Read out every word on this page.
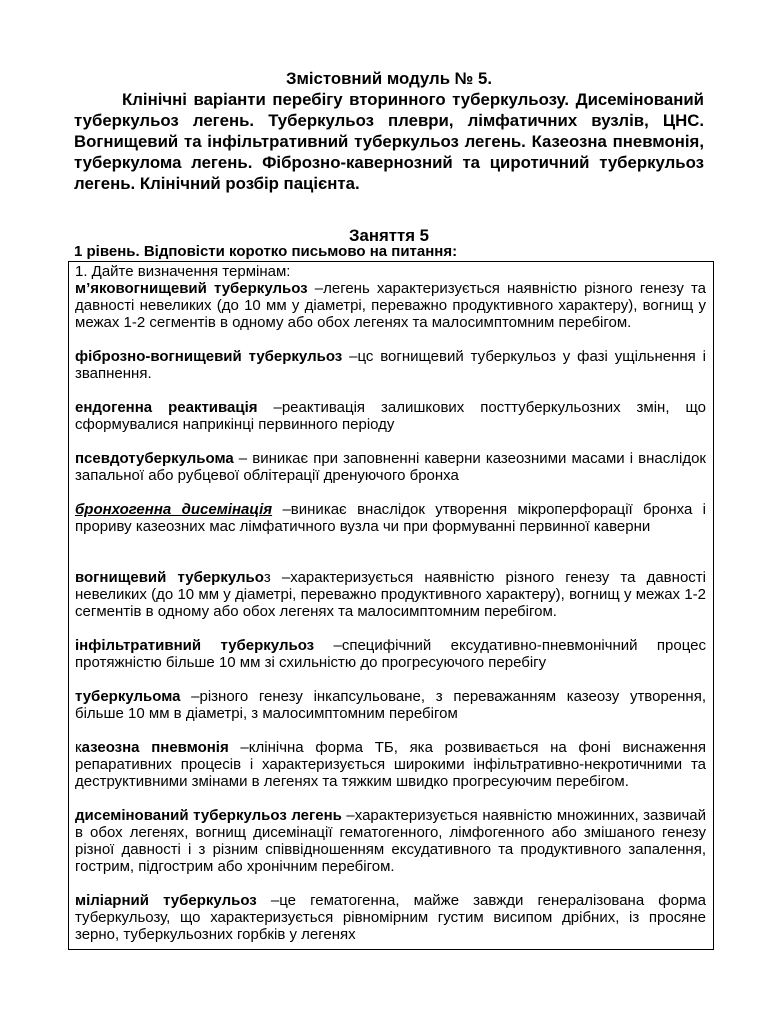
Змістовний модуль № 5.
Клінічні варіанти перебігу вторинного туберкульозу. Дисемінований туберкульоз легень. Туберкульоз плеври, лімфатичних вузлів, ЦНС. Вогнищевий та інфільтративний туберкульоз легень. Казеозна пневмонія, туберкулома легень. Фіброзно-кавернозний та циротичний туберкульоз легень. Клінічний розбір пацієнта.
Заняття 5
1 рівень. Відповісти коротко письмово на питання:

1. Дайте визначення термінам:

м’яковогнищевий туберкульоз –легень характеризується наявністю різного генезу та давності невеликих (до 10 мм у діаметрі, переважно продуктивного характеру), вогнищ у межах 1-2 сегментів в одному або обох легенях та малосимптомним перебігом.

фіброзно-вогнищевий туберкульоз –цс вогнищевий туберкульоз у фазі ущільнення і звапнення.

ендогенна реактивація –реактивація залишкових посттуберкульозних змін, що сформувалися наприкінці первинного періоду

псевдотуберкульома – виникає при заповненні каверни казеозними масами і внаслідок запальної або рубцевої облітерації дренуючого бронха

бронхогенна дисемінація –виникає внаслідок утворення мікроперфорації бронха і прориву казеозних мас лімфатичного вузла чи при формуванні первинної каверни

вогнищевий туберкульоз –характеризується наявністю різного генезу та давності невеликих (до 10 мм у діаметрі, переважно продуктивного характеру), вогнищ у межах 1-2 сегментів в одному або обох легенях та малосимптомним перебігом.

інфільтративний туберкульоз –специфічний ексудативно-пневмонічний процес протяжністю більше 10 мм зі схильністю до прогресуючого перебігу

туберкульома –різного генезу інкапсульоване, з переважанням казеозу утворення, більше 10 мм в діаметрі, з малосимптомним перебігом

казеозна пневмонія –клінічна форма ТБ, яка розвивається на фоні виснаження репаративних процесів і характеризується широкими інфільтративно-некротичними та деструктивними змінами в легенях та тяжким швидко прогресуючим перебігом.

дисемінований туберкульоз легень –характеризується наявністю множинних, зазвичай в обох легенях, вогнищ дисемінації гематогенного, лімфогенного або змішаного генезу різної давності і з різним співвідношенням ексудативного та продуктивного запалення, гострим, підгострим або хронічним перебігом.

міліарний туберкульоз –це гематогенна, майже завжди генералізована форма туберкульозу, що характеризується рівномірним густим висипом дрібних, із просяне зерно, туберкульозних горбків у легенях
